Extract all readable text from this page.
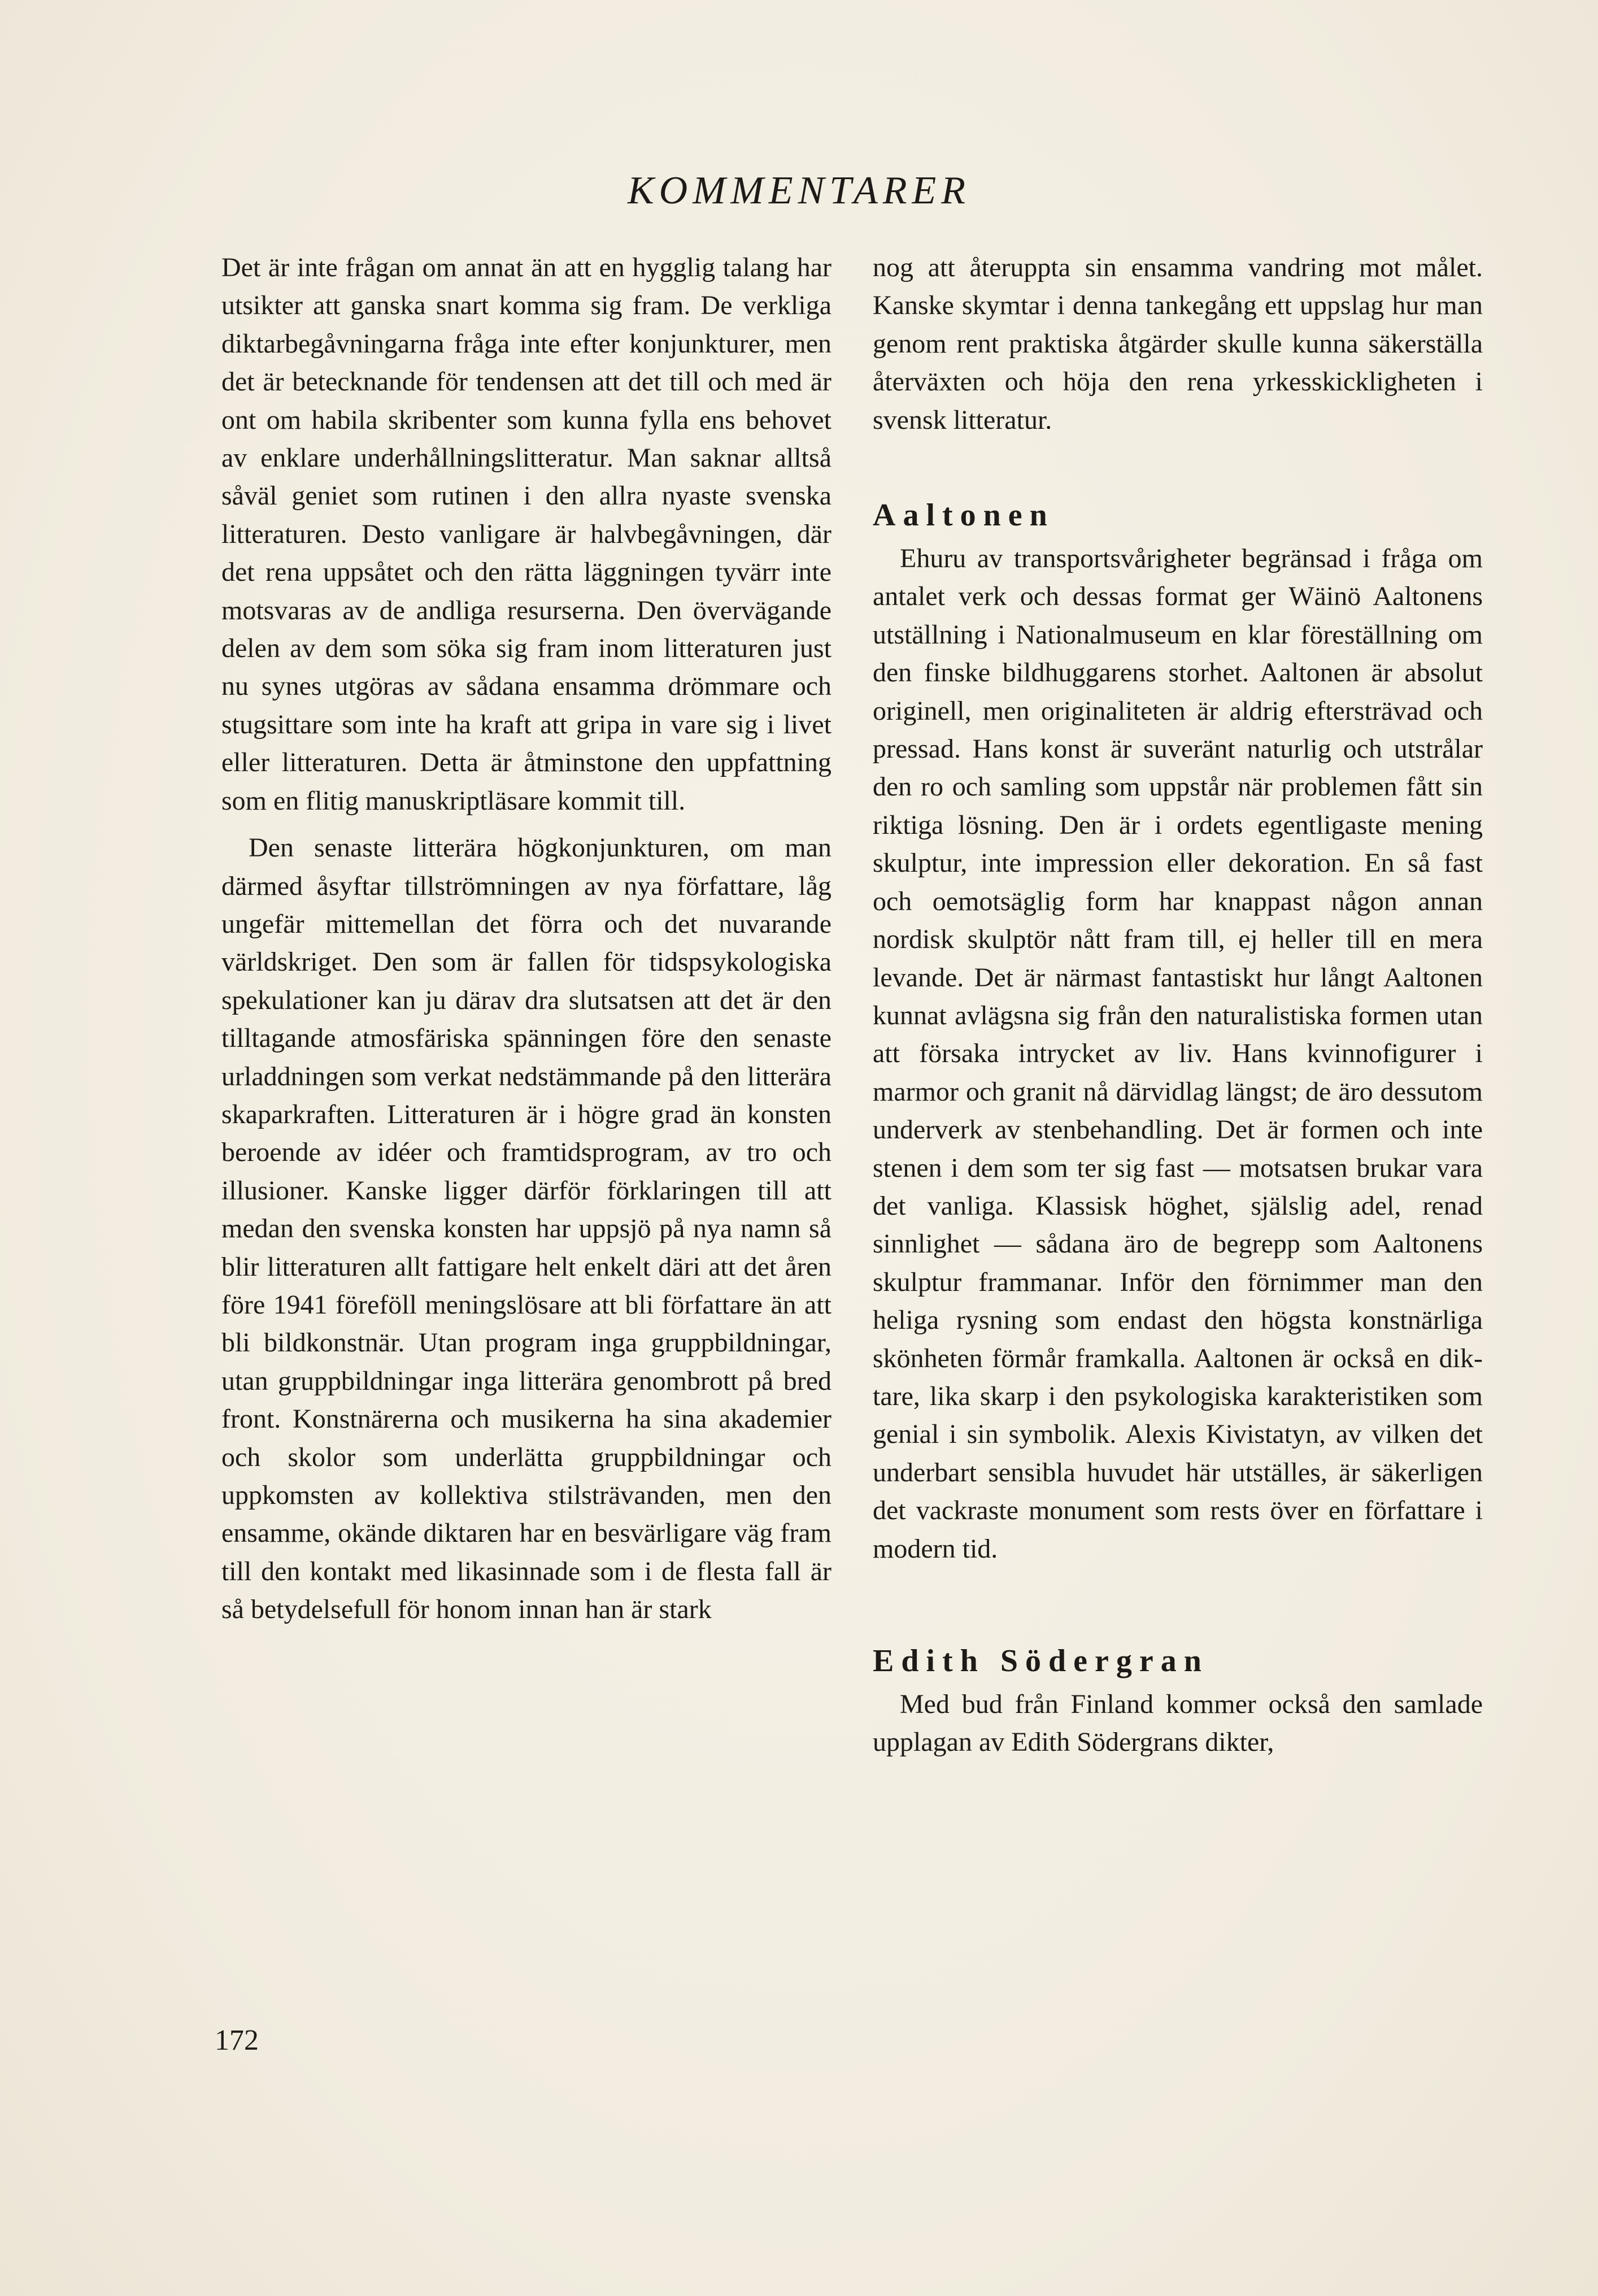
KOMMENTARER

Det är inte frågan om annat än att en hygglig talang har utsikter att ganska snart komma sig fram. De verkliga diktarbegåvningarna fråga inte efter konjunkturer, men det är betecknande för tendensen att det till och med är ont om habila skribenter som kunna fylla ens behovet av enklare underhållningslitteratur. Man saknar alltså såväl geniet som rutinen i den allra nyaste svenska litteraturen. Desto vanligare är halvbegåvningen, där det rena uppsåtet och den rätta läggningen tyvärr inte motsvaras av de andliga resurserna. Den övervägande delen av dem som söka sig fram inom litteraturen just nu synes utgöras av sådana ensamma drömmare och stugsittare som inte ha kraft att gripa in vare sig i livet eller litteraturen. Detta är åtminstone den uppfattning som en flitig manuskriptläsare kommit till.

Den senaste litterära högkonjunkturen, om man därmed åsyftar tillströmningen av nya författare, låg ungefär mittemellan det förra och det nuvarande världskriget. Den som är fallen för tidspsykologiska spekulationer kan ju därav dra slutsatsen att det är den tilltagande atmosfäriska spänningen före den senaste urladdningen som verkat nedstämmande på den litterära skaparkraften. Litteraturen är i högre grad än konsten beroende av idéer och framtidsprogram, av tro och illusioner. Kanske ligger därför förklaringen till att medan den svenska konsten har uppsjö på nya namn så blir litteraturen allt fattigare helt enkelt däri att det åren före 1941 föreföll meningslösare att bli författare än att bli bildkonstnär. Utan program inga gruppbildningar, utan gruppbildningar inga litterära genombrott på bred front. Konstnärerna och musikerna ha sina akademier och skolor som underlätta gruppbildningar och uppkomsten av kollektiva stilsträvanden, men den ensamme, okände diktaren har en besvärligare väg fram till den kontakt med likasinnade som i de flesta fall är så betydelsefull för honom innan han är stark

nog att återuppta sin ensamma vandring mot målet. Kanske skymtar i denna tankegång ett uppslag hur man genom rent praktiska åtgärder skulle kunna säkerställa återväxten och höja den rena yrkesskickligheten i svensk litteratur.

Aaltonen

Ehuru av transportsvårigheter begränsad i fråga om antalet verk och dessas format ger Wäinö Aaltonens utställning i Nationalmuseum en klar föreställning om den finske bildhuggarens storhet. Aaltonen är absolut originell, men originaliteten är aldrig eftersträvad och pressad. Hans konst är suveränt naturlig och utstrålar den ro och samling som uppstår när problemen fått sin riktiga lösning. Den är i ordets egentligaste mening skulptur, inte impression eller dekoration. En så fast och oemotsäglig form har knappast någon annan nordisk skulptör nått fram till, ej heller till en mera levande. Det är närmast fantastiskt hur långt Aaltonen kunnat avlägsna sig från den naturalistiska formen utan att försaka intrycket av liv. Hans kvinnofigurer i marmor och granit nå därvidlag längst; de äro dessutom underverk av stenbehandling. Det är formen och inte stenen i dem som ter sig fast — motsatsen brukar vara det vanliga. Klassisk höghet, själslig adel, renad sinnlighet — sådana äro de begrepp som Aaltonens skulptur frammanar. Inför den förnimmer man den heliga rysning som endast den högsta konstnärliga skönheten förmår framkalla. Aaltonen är också en diktare, lika skarp i den psykologiska karakteristiken som genial i sin symbolik. Alexis Kivistatyn, av vilken det underbart sensibla huvudet här utställes, är säkerligen det vackraste monument som rests över en författare i modern tid.

Edith Södergran

Med bud från Finland kommer också den samlade upplagan av Edith Södergrans dikter,

172
